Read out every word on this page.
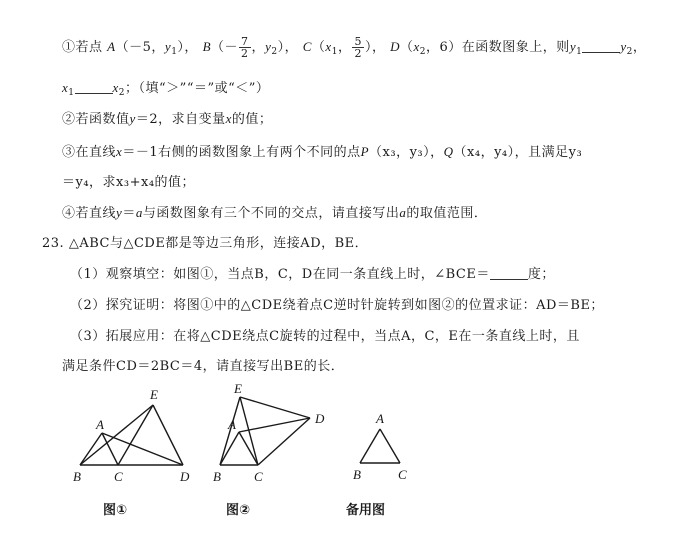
①若点 A（－5，$y_1$）， $B(- \frac{7}{2}$ ，$y_2$）， $C(x_1$， $\frac{5}{2}$ ）， $D(x_2$，6）在函数图象上，则$y_1$	$y_2$，
$x_1$	$x_2$；（填“＞”“＝”或“＜”）
②若函数值y＝2，求自变量x的值；
③在直线x＝－1右侧的函数图象上有两个不同的点P（x₃，y₃），Q（x₄，y₄），且满足y₃
＝y₄，求x₃+x₄的值；
④若直线y＝a与函数图象有三个不同的交点，请直接写出a的取值范围．
23. △ABC与△CDE都是等边三角形，连接AD，BE．
（1）观察填空：如图①，当点B，C，D在同一条直线上时，∠BCE＝	度；
（2）探究证明：将图①中的△CDE绕着点C逆时针旋转到如图②的位置求证：AD＝BE；
（3）拓展应用：在将△CDE绕点C旋转的过程中，当点A，C，E在一条直线上时，且
满足条件CD＝2BC＝4，请直接写出BE的长．
A
B	C	D
E
图①
A
B	C
D
E
图②
A
B	C
备用图
